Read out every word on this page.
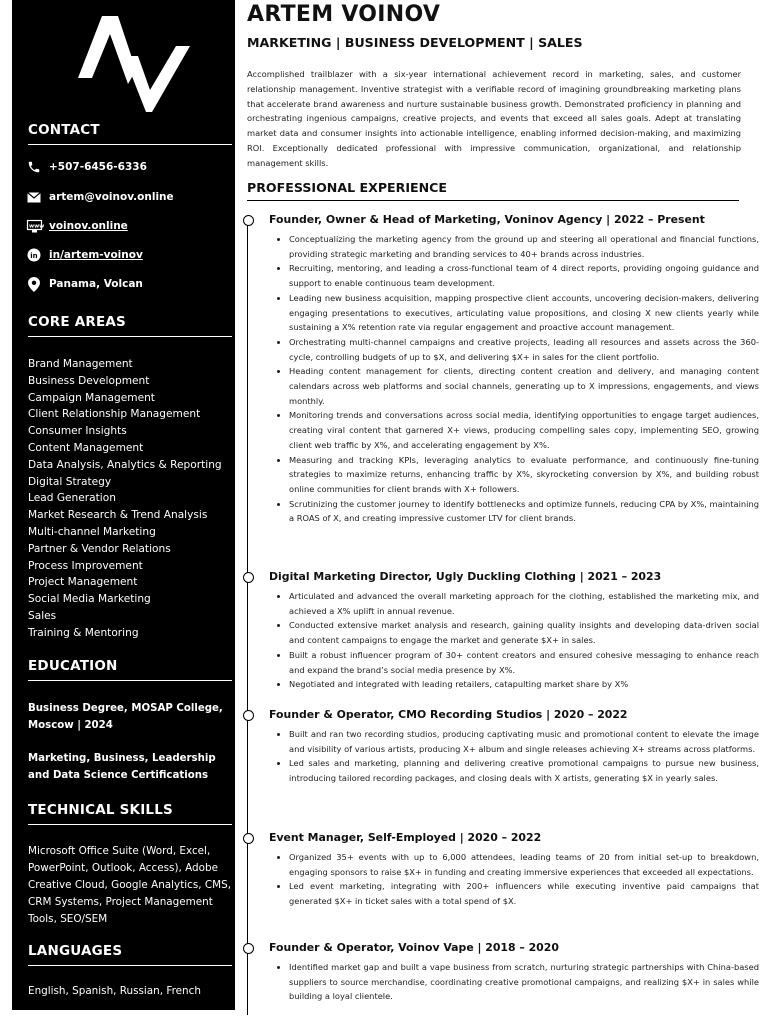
CONTACT
+507-6456-6336
artem@voinov.online
www voinov.online
in in/artem-voinov
Panama, Volcan
CORE AREAS
Brand Management
Business Development
Campaign Management
Client Relationship Management
Consumer Insights
Content Management
Data Analysis, Analytics & Reporting
Digital Strategy
Lead Generation
Market Research & Trend Analysis
Multi-channel Marketing
Partner & Vendor Relations
Process Improvement
Project Management
Social Media Marketing
Sales
Training & Mentoring
EDUCATION
Business Degree, MOSAP College, Moscow | 2024
Marketing, Business, Leadership and Data Science Certifications
TECHNICAL SKILLS
Microsoft Office Suite (Word, Excel, PowerPoint, Outlook, Access), Adobe Creative Cloud, Google Analytics, CMS, CRM Systems, Project Management Tools, SEO/SEM
LANGUAGES
English, Spanish, Russian, French
ARTEM VOINOV
MARKETING | BUSINESS DEVELOPMENT | SALES
Accomplished trailblazer with a six-year international achievement record in marketing, sales, and customer relationship management. Inventive strategist with a verifiable record of imagining groundbreaking marketing plans that accelerate brand awareness and nurture sustainable business growth. Demonstrated proficiency in planning and orchestrating ingenious campaigns, creative projects, and events that exceed all sales goals. Adept at translating market data and consumer insights into actionable intelligence, enabling informed decision-making, and maximizing ROI. Exceptionally dedicated professional with impressive communication, organizational, and relationship management skills.
PROFESSIONAL EXPERIENCE
Founder, Owner & Head of Marketing, Voninov Agency | 2022 – Present
• Conceptualizing the marketing agency from the ground up and steering all operational and financial functions, providing strategic marketing and branding services to 40+ brands across industries.
• Recruiting, mentoring, and leading a cross-functional team of 4 direct reports, providing ongoing guidance and support to enable continuous team development.
• Leading new business acquisition, mapping prospective client accounts, uncovering decision-makers, delivering engaging presentations to executives, articulating value propositions, and closing X new clients yearly while sustaining a X% retention rate via regular engagement and proactive account management.
• Orchestrating multi-channel campaigns and creative projects, leading all resources and assets across the 360-cycle, controlling budgets of up to $X, and delivering $X+ in sales for the client portfolio.
• Heading content management for clients, directing content creation and delivery, and managing content calendars across web platforms and social channels, generating up to X impressions, engagements, and views monthly.
• Monitoring trends and conversations across social media, identifying opportunities to engage target audiences, creating viral content that garnered X+ views, producing compelling sales copy, implementing SEO, growing client web traffic by X%, and accelerating engagement by X%.
• Measuring and tracking KPIs, leveraging analytics to evaluate performance, and continuously fine-tuning strategies to maximize returns, enhancing traffic by X%, skyrocketing conversion by X%, and building robust online communities for client brands with X+ followers.
• Scrutinizing the customer journey to identify bottlenecks and optimize funnels, reducing CPA by X%, maintaining a ROAS of X, and creating impressive customer LTV for client brands.
Digital Marketing Director, Ugly Duckling Clothing | 2021 – 2023
• Articulated and advanced the overall marketing approach for the clothing, established the marketing mix, and achieved a X% uplift in annual revenue.
• Conducted extensive market analysis and research, gaining quality insights and developing data-driven social and content campaigns to engage the market and generate $X+ in sales.
• Built a robust influencer program of 30+ content creators and ensured cohesive messaging to enhance reach and expand the brand’s social media presence by X%.
• Negotiated and integrated with leading retailers, catapulting market share by X%
Founder & Operator, CMO Recording Studios | 2020 – 2022
• Built and ran two recording studios, producing captivating music and promotional content to elevate the image and visibility of various artists, producing X+ album and single releases achieving X+ streams across platforms.
• Led sales and marketing, planning and delivering creative promotional campaigns to pursue new business, introducing tailored recording packages, and closing deals with X artists, generating $X in yearly sales.
Event Manager, Self-Employed | 2020 – 2022
• Organized 35+ events with up to 6,000 attendees, leading teams of 20 from initial set-up to breakdown, engaging sponsors to raise $X+ in funding and creating immersive experiences that exceeded all expectations.
• Led event marketing, integrating with 200+ influencers while executing inventive paid campaigns that generated $X+ in ticket sales with a total spend of $X.
Founder & Operator, Voinov Vape | 2018 – 2020
• Identified market gap and built a vape business from scratch, nurturing strategic partnerships with China-based suppliers to source merchandise, coordinating creative promotional campaigns, and realizing $X+ in sales while building a loyal clientele.
